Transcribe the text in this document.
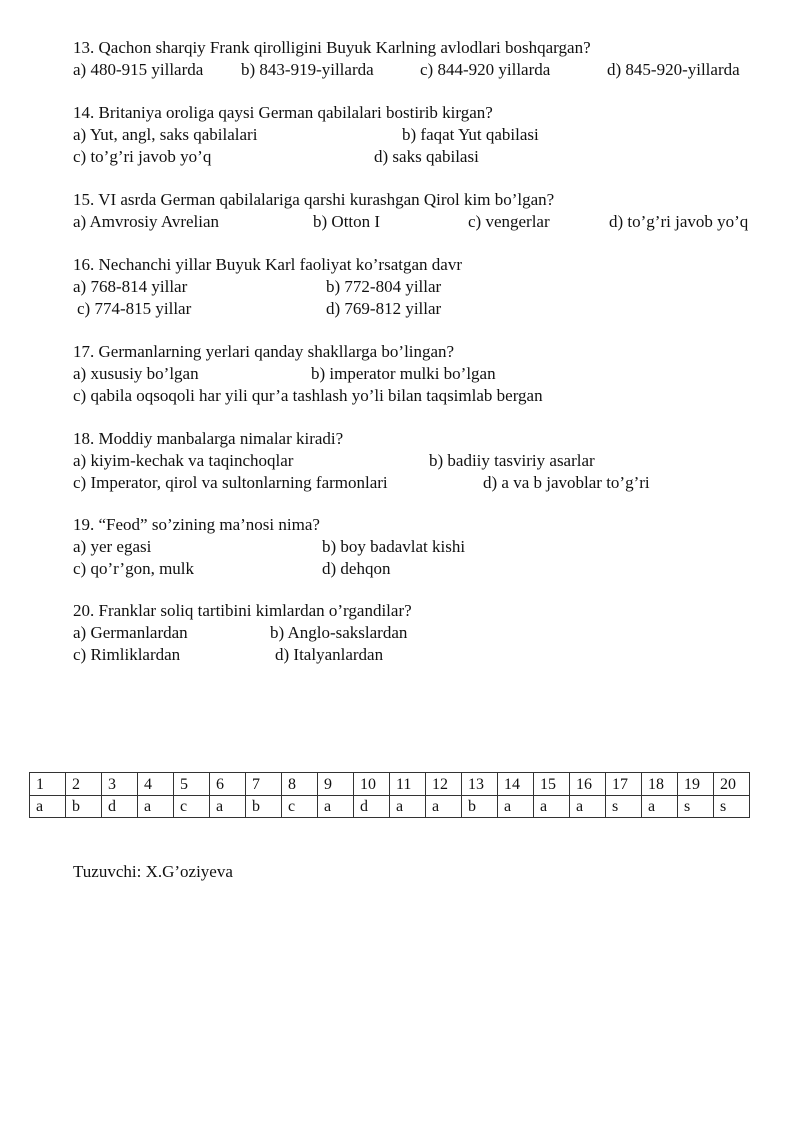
13. Qachon sharqiy Frank qirolligini Buyuk Karlning avlodlari boshqargan?
a) 480-915 yillarda b) 843-919-yillarda	c) 844-920 yillarda	d) 845-920-yillarda
14. Britaniya oroliga qaysi German qabilalari bostirib kirgan?
a) Yut, angl, saks qabilalari	b) faqat Yut qabilasi
c) to’g’ri javob yo’q	d) saks qabilasi
15. VI asrda German qabilalariga qarshi kurashgan Qirol kim bo’lgan?
a) Amvrosiy Avrelian	b) Otton I	c) vengerlar	d) to’g’ri javob yo’q
16. Nechanchi yillar Buyuk Karl faoliyat ko’rsatgan davr
a) 768-814 yillar	b) 772-804 yillar
c) 774-815 yillar	d) 769-812 yillar
17. Germanlarning yerlari qanday shakllarga bo’lingan?
a) xususiy bo’lgan	b) imperator mulki bo’lgan
c) qabila oqsoqoli har yili qur’a tashlash yo’li bilan taqsimlab bergan
18. Moddiy manbalarga nimalar kiradi?
a) kiyim-kechak va taqinchoqlar	b) badiiy tasviriy asarlar
c) Imperator, qirol va sultonlarning farmonlari	d) a va b javoblar to’g’ri
19. “Feod” so’zining ma’nosi nima?
a) yer egasi	b) boy badavlat kishi
c) qo’r’gon, mulk	d) dehqon
20. Franklar soliq tartibini kimlardan o’rgandilar?
a) Germanlardan	b) Anglo-sakslardan
c) Rimliklardan	d) Italyanlardan
1	2	3	4	5	6	7	8	9	10	11	12	13	14	15	16	17	18	19	20
a	b	d	a	c	a	b	c	a	d	a	a	b	a	a	a	s	a	s	s
Tuzuvchi: X.G’oziyeva
